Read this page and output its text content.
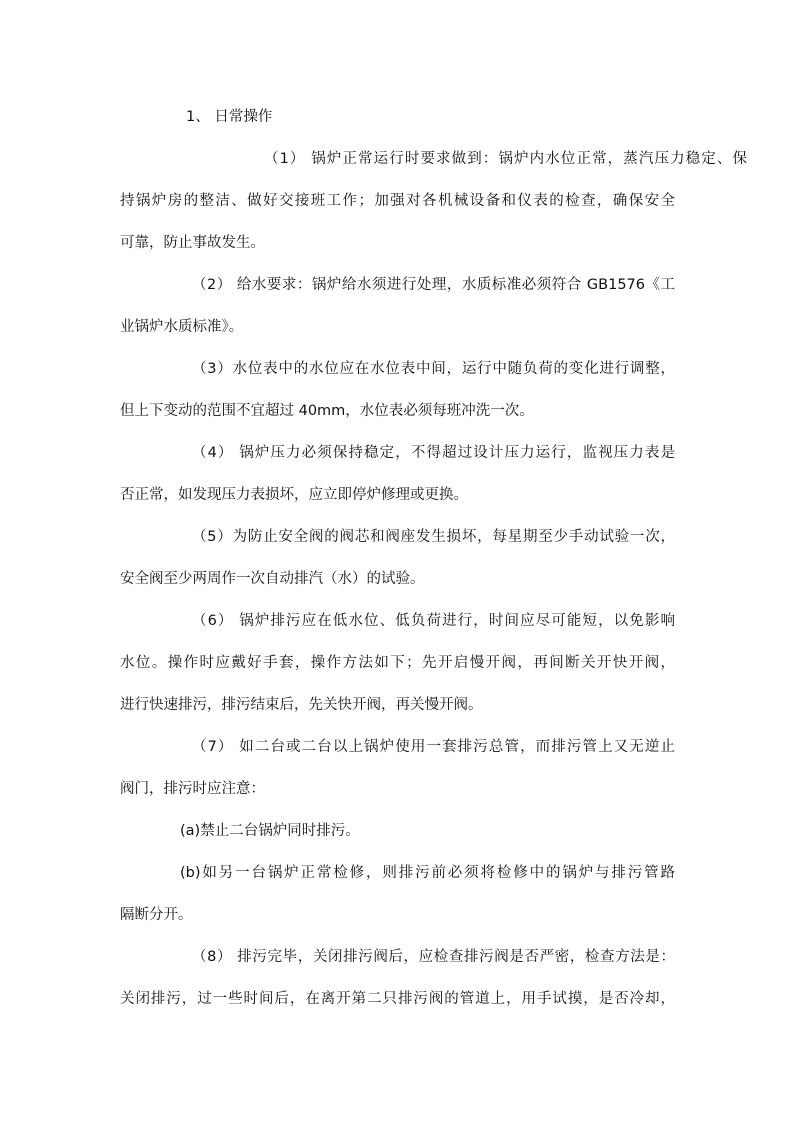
1、 日常操作
（1） 锅炉正常运行时要求做到：锅炉内水位正常，蒸汽压力稳定、保
持锅炉房的整洁、做好交接班工作；加强对各机械设备和仪表的检查，确保安全
可靠，防止事故发生。
（2） 给水要求：锅炉给水须进行处理，水质标准必须符合 GB1576《工
业锅炉水质标准》。
（3）水位表中的水位应在水位表中间，运行中随负荷的变化进行调整，
但上下变动的范围不宜超过 40mm，水位表必须每班冲洗一次。
（4） 锅炉压力必须保持稳定，不得超过设计压力运行，监视压力表是
否正常，如发现压力表损坏，应立即停炉修理或更换。
（5）为防止安全阀的阀芯和阀座发生损坏，每星期至少手动试验一次，
安全阀至少两周作一次自动排汽（水）的试验。
（6） 锅炉排污应在低水位、低负荷进行，时间应尽可能短，以免影响
水位。操作时应戴好手套，操作方法如下；先开启慢开阀，再间断关开快开阀，
进行快速排污，排污结束后，先关快开阀，再关慢开阀。
（7） 如二台或二台以上锅炉使用一套排污总管，而排污管上又无逆止
阀门，排污时应注意：
(a)禁止二台锅炉同时排污。
(b)如另一台锅炉正常检修，则排污前必须将检修中的锅炉与排污管路
隔断分开。
（8） 排污完毕，关闭排污阀后，应检查排污阀是否严密，检查方法是：
关闭排污，过一些时间后，在离开第二只排污阀的管道上，用手试摸，是否冷却，
